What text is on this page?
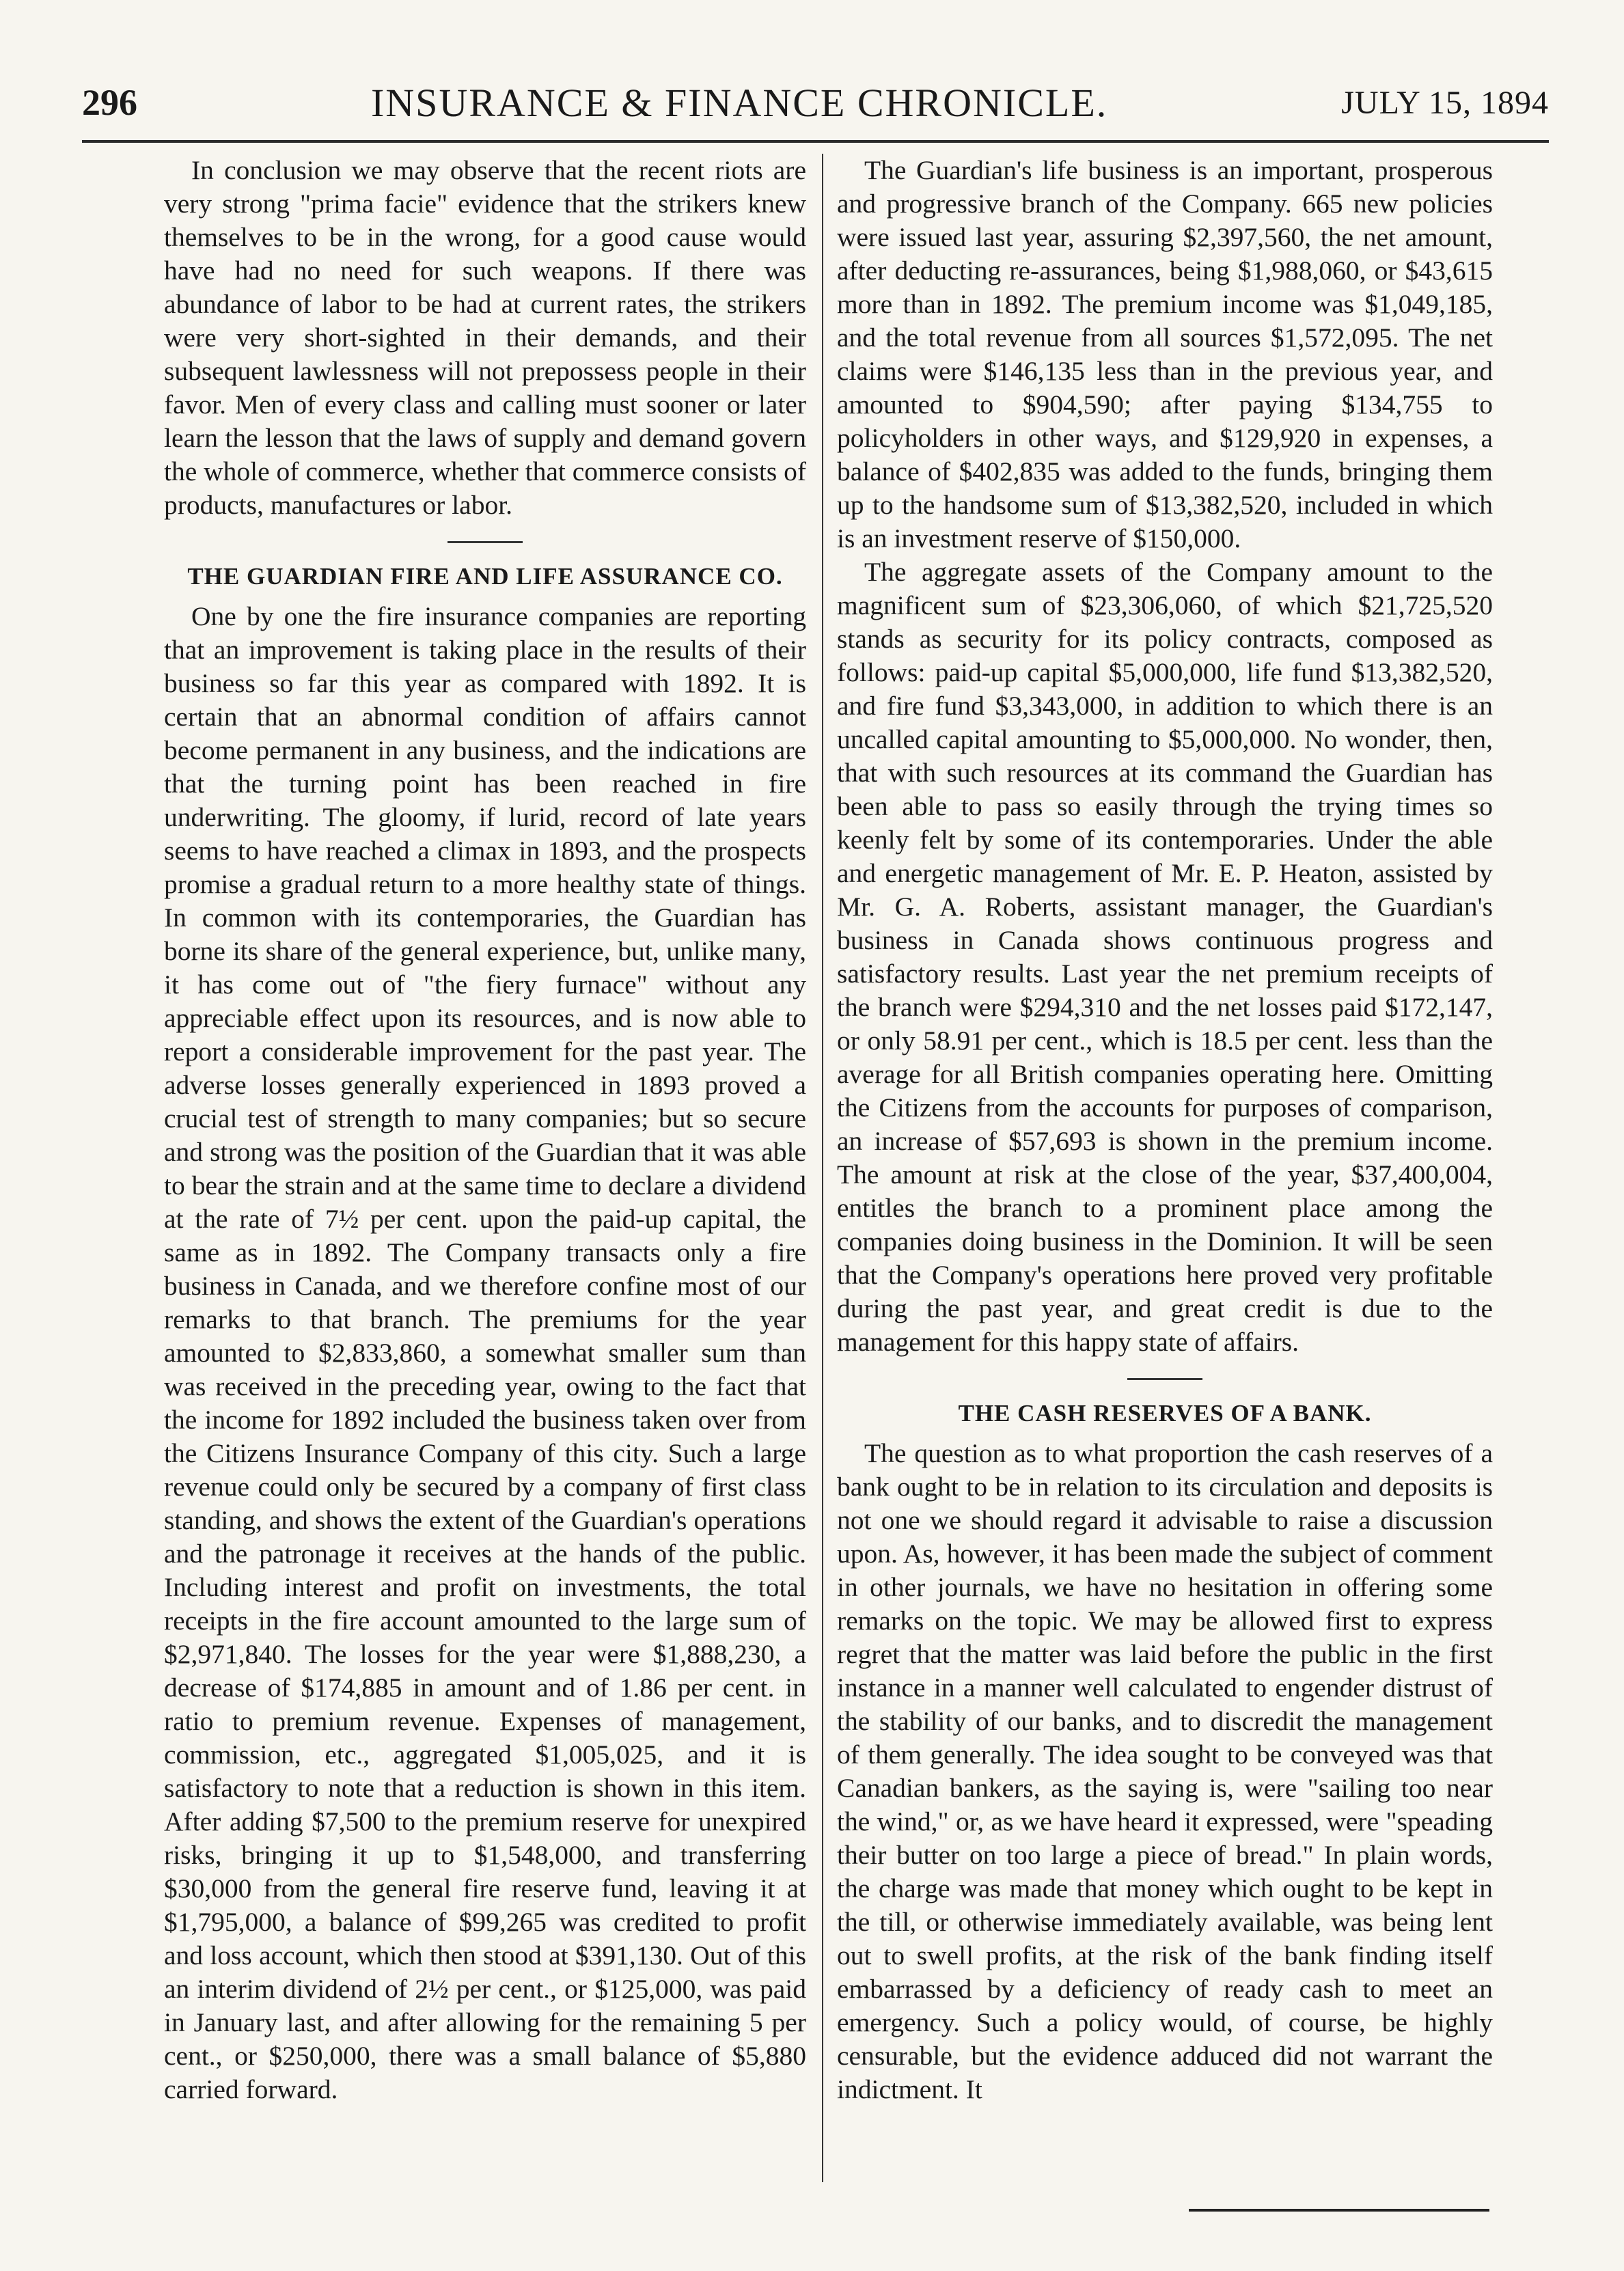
296	INSURANCE & FINANCE CHRONICLE.	JULY 15, 1894

In conclusion we may observe that the recent riots are very strong "prima facie" evidence that the strikers knew themselves to be in the wrong, for a good cause would have had no need for such weapons. If there was abundance of labor to be had at current rates, the strikers were very short-sighted in their demands, and their subsequent lawlessness will not prepossess people in their favor. Men of every class and calling must sooner or later learn the lesson that the laws of supply and demand govern the whole of commerce, whether that commerce consists of products, manufactures or labor.

THE GUARDIAN FIRE AND LIFE ASSURANCE CO.

One by one the fire insurance companies are reporting that an improvement is taking place in the results of their business so far this year as compared with 1892. It is certain that an abnormal condition of affairs cannot become permanent in any business, and the indications are that the turning point has been reached in fire underwriting. The gloomy, if lurid, record of late years seems to have reached a climax in 1893, and the prospects promise a gradual return to a more healthy state of things. In common with its contemporaries, the Guardian has borne its share of the general experience, but, unlike many, it has come out of "the fiery furnace" without any appreciable effect upon its resources, and is now able to report a considerable improvement for the past year. The adverse losses generally experienced in 1893 proved a crucial test of strength to many companies; but so secure and strong was the position of the Guardian that it was able to bear the strain and at the same time to declare a dividend at the rate of 7½ per cent. upon the paid-up capital, the same as in 1892. The Company transacts only a fire business in Canada, and we therefore confine most of our remarks to that branch. The premiums for the year amounted to $2,833,860, a somewhat smaller sum than was received in the preceding year, owing to the fact that the income for 1892 included the business taken over from the Citizens Insurance Company of this city. Such a large revenue could only be secured by a company of first class standing, and shows the extent of the Guardian's operations and the patronage it receives at the hands of the public. Including interest and profit on investments, the total receipts in the fire account amounted to the large sum of $2,971,840. The losses for the year were $1,888,230, a decrease of $174,885 in amount and of 1.86 per cent. in ratio to premium revenue. Expenses of management, commission, etc., aggregated $1,005,025, and it is satisfactory to note that a reduction is shown in this item. After adding $7,500 to the premium reserve for unexpired risks, bringing it up to $1,548,000, and transferring $30,000 from the general fire reserve fund, leaving it at $1,795,000, a balance of $99,265 was credited to profit and loss account, which then stood at $391,130. Out of this an interim dividend of 2½ per cent., or $125,000, was paid in January last, and after allowing for the remaining 5 per cent., or $250,000, there was a small balance of $5,880 carried forward.

The Guardian's life business is an important, prosperous and progressive branch of the Company. 665 new policies were issued last year, assuring $2,397,560, the net amount, after deducting re-assurances, being $1,988,060, or $43,615 more than in 1892. The premium income was $1,049,185, and the total revenue from all sources $1,572,095. The net claims were $146,135 less than in the previous year, and amounted to $904,590; after paying $134,755 to policyholders in other ways, and $129,920 in expenses, a balance of $402,835 was added to the funds, bringing them up to the handsome sum of $13,382,520, included in which is an investment reserve of $150,000.

The aggregate assets of the Company amount to the magnificent sum of $23,306,060, of which $21,725,520 stands as security for its policy contracts, composed as follows: paid-up capital $5,000,000, life fund $13,382,520, and fire fund $3,343,000, in addition to which there is an uncalled capital amounting to $5,000,000. No wonder, then, that with such resources at its command the Guardian has been able to pass so easily through the trying times so keenly felt by some of its contemporaries. Under the able and energetic management of Mr. E. P. Heaton, assisted by Mr. G. A. Roberts, assistant manager, the Guardian's business in Canada shows continuous progress and satisfactory results. Last year the net premium receipts of the branch were $294,310 and the net losses paid $172,147, or only 58.91 per cent., which is 18.5 per cent. less than the average for all British companies operating here. Omitting the Citizens from the accounts for purposes of comparison, an increase of $57,693 is shown in the premium income. The amount at risk at the close of the year, $37,400,004, entitles the branch to a prominent place among the companies doing business in the Dominion. It will be seen that the Company's operations here proved very profitable during the past year, and great credit is due to the management for this happy state of affairs.

THE CASH RESERVES OF A BANK.

The question as to what proportion the cash reserves of a bank ought to be in relation to its circulation and deposits is not one we should regard it advisable to raise a discussion upon. As, however, it has been made the subject of comment in other journals, we have no hesitation in offering some remarks on the topic. We may be allowed first to express regret that the matter was laid before the public in the first instance in a manner well calculated to engender distrust of the stability of our banks, and to discredit the management of them generally. The idea sought to be conveyed was that Canadian bankers, as the saying is, were "sailing too near the wind," or, as we have heard it expressed, were "speading their butter on too large a piece of bread." In plain words, the charge was made that money which ought to be kept in the till, or otherwise immediately available, was being lent out to swell profits, at the risk of the bank finding itself embarrassed by a deficiency of ready cash to meet an emergency. Such a policy would, of course, be highly censurable, but the evidence adduced did not warrant the indictment. It
